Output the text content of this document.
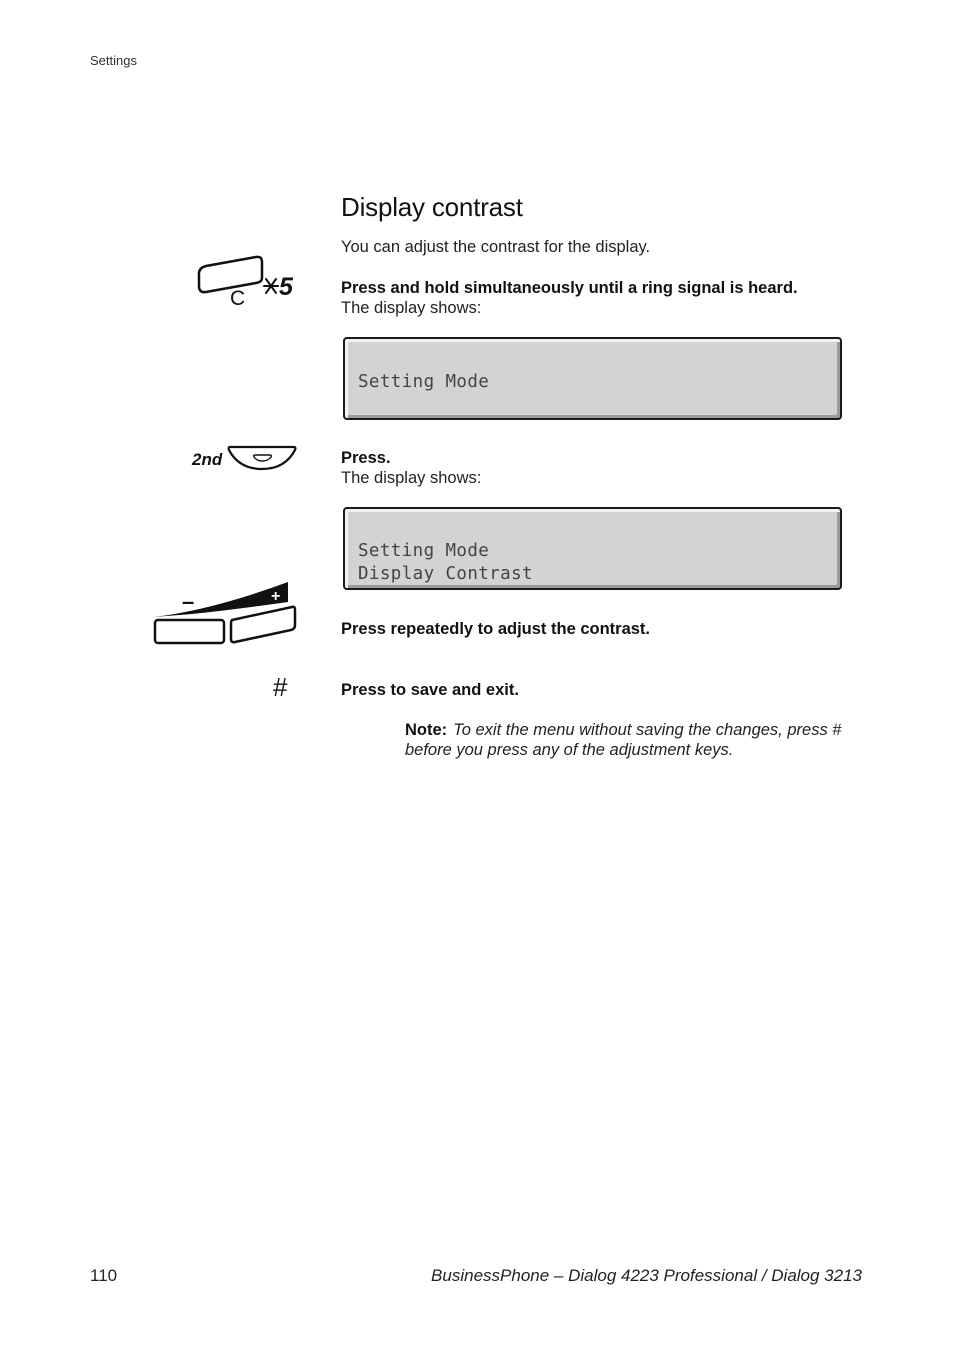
Settings
Display contrast
You can adjust the contrast for the display.
C 5	Press and hold simultaneously until a ring signal is heard.
The display shows:
Setting Mode
2nd	Press.
The display shows:
Setting Mode
Display Contrast
–	+
Press repeatedly to adjust the contrast.
#	Press to save and exit.
Note: To exit the menu without saving the changes, press # before you press any of the adjustment keys.
110	BusinessPhone – Dialog 4223 Professional / Dialog 3213
